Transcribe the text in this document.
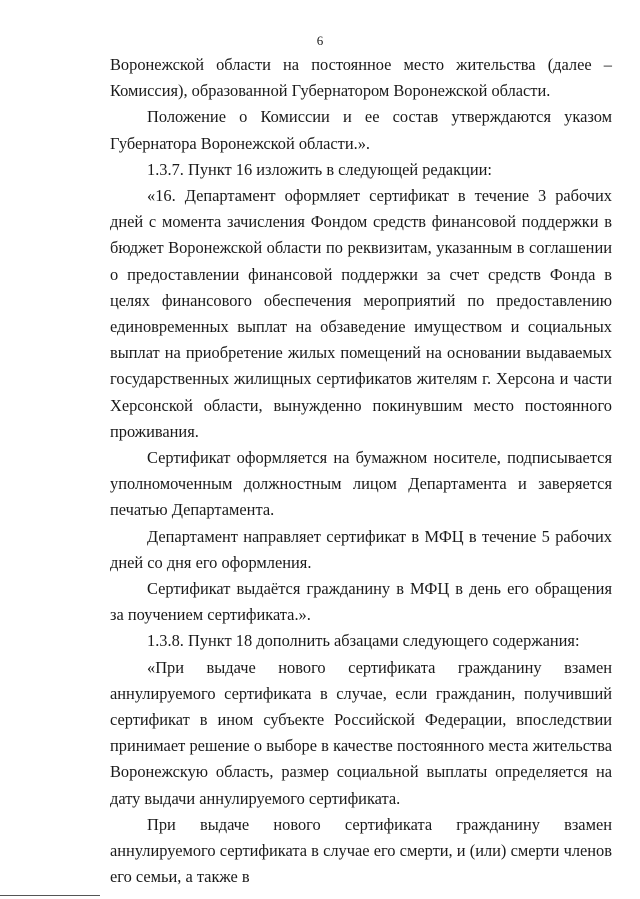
6

Воронежской области на постоянное место жительства (далее – Комиссия), образованной Губернатором Воронежской области.

Положение о Комиссии и ее состав утверждаются указом Губернатора Воронежской области.».

1.3.7. Пункт 16 изложить в следующей редакции:

«16. Департамент оформляет сертификат в течение 3 рабочих дней с момента зачисления Фондом средств финансовой поддержки в бюджет Воронежской области по реквизитам, указанным в соглашении о предоставлении финансовой поддержки за счет средств Фонда в целях финансового обеспечения мероприятий по предоставлению единовременных выплат на обзаведение имуществом и социальных выплат на приобретение жилых помещений на основании выдаваемых государственных жилищных сертификатов жителям г. Херсона и части Херсонской области, вынужденно покинувшим место постоянного проживания.

Сертификат оформляется на бумажном носителе, подписывается уполномоченным должностным лицом Департамента и заверяется печатью Департамента.

Департамент направляет сертификат в МФЦ в течение 5 рабочих дней со дня его оформления.

Сертификат выдаётся гражданину в МФЦ в день его обращения за поучением сертификата.».

1.3.8. Пункт 18 дополнить абзацами следующего содержания:

«При выдаче нового сертификата гражданину взамен аннулируемого сертификата в случае, если гражданин, получивший сертификат в ином субъекте Российской Федерации, впоследствии принимает решение о выборе в качестве постоянного места жительства Воронежскую область, размер социальной выплаты определяется на дату выдачи аннулируемого сертификата.

При выдаче нового сертификата гражданину взамен аннулируемого сертификата в случае его смерти, и (или) смерти членов его семьи, а также в
